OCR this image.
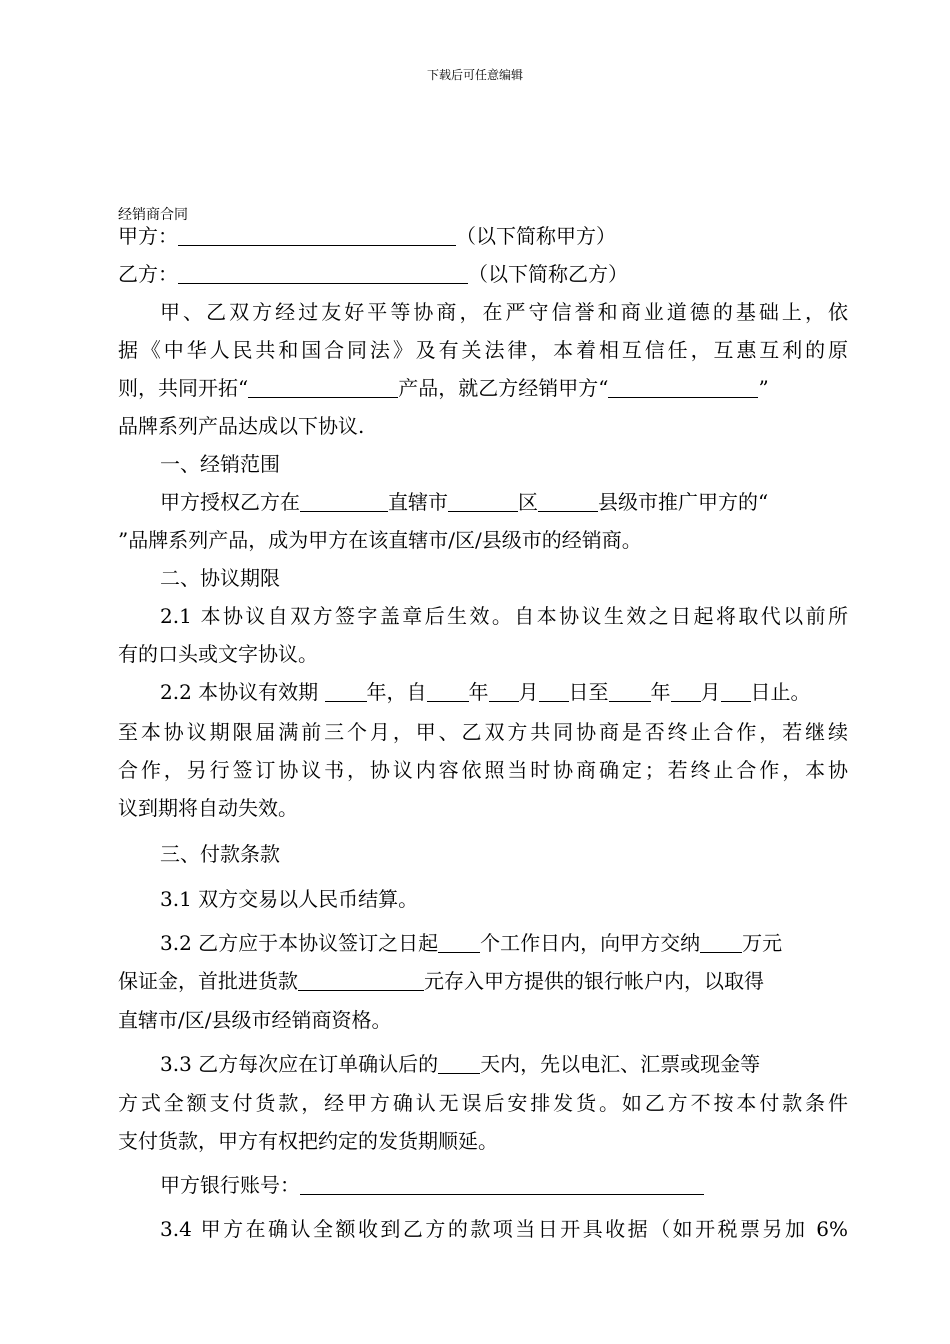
下载后可任意编辑
经销商合同
甲方：	（以下简称甲方）
乙方：	（以下简称乙方）
甲、乙双方经过友好平等协商，在严守信誉和商业道德的基础上，依
据《中华人民共和国合同法》及有关法律，本着相互信任，互惠互利的原
则，共同开拓“	产品，就乙方经销甲方“	”
品牌系列产品达成以下协议.
一、经销范围
甲方授权乙方在	直辖市	区	县级市推广甲方的“
”品牌系列产品，成为甲方在该直辖市/区/县级市的经销商。
二、协议期限
2.1 本协议自双方签字盖章后生效。自本协议生效之日起将取代以前所
有的口头或文字协议。
2.2 本协议有效期 年，自 年 月 日至 年 月 日止。
至本协议期限届满前三个月，甲、乙双方共同协商是否终止合作，若继续
合作，另行签订协议书，协议内容依照当时协商确定；若终止合作，本协
议到期将自动失效。
三、付款条款
3.1 双方交易以人民币结算。
3.2 乙方应于本协议签订之日起 个工作日内，向甲方交纳 万元
保证金，首批进货款	元存入甲方提供的银行帐户内，以取得
直辖市/区/县级市经销商资格。
3.3 乙方每次应在订单确认后的 天内，先以电汇、汇票或现金等
方式全额支付货款，经甲方确认无误后安排发货。如乙方不按本付款条件
支付货款，甲方有权把约定的发货期顺延。
甲方银行账号：
3.4 甲方在确认全额收到乙方的款项当日开具收据（如开税票另加 6%
